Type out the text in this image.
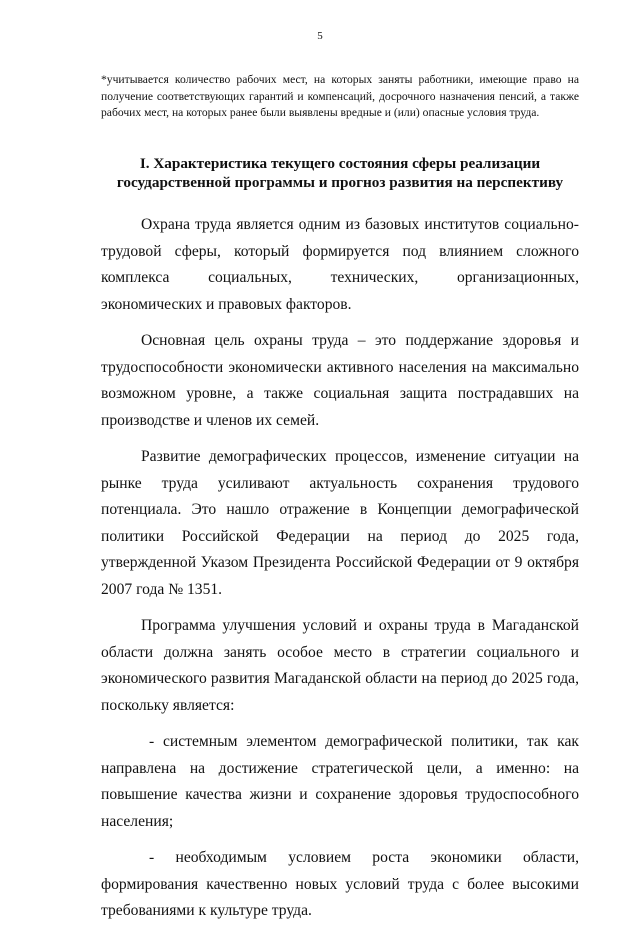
5

*учитывается количество рабочих мест, на которых заняты работники, имеющие право на получение соответствующих гарантий и компенсаций, досрочного назначения пенсий, а также рабочих мест, на которых ранее были выявлены вредные и (или) опасные условия труда.

I. Характеристика текущего состояния сферы реализации
государственной программы и прогноз развития на перспективу

Охрана труда является одним из базовых институтов социально-трудовой сферы, который формируется под влиянием сложного комплекса социальных, технических, организационных, экономических и правовых факторов.

Основная цель охраны труда – это поддержание здоровья и трудоспособности экономически активного населения на максимально возможном уровне, а также социальная защита пострадавших на производстве и членов их семей.

Развитие демографических процессов, изменение ситуации на рынке труда усиливают актуальность сохранения трудового потенциала. Это нашло отражение в Концепции демографической политики Российской Федерации на период до 2025 года, утвержденной Указом Президента Российской Федерации от 9 октября 2007 года № 1351.

Программа улучшения условий и охраны труда в Магаданской области должна занять особое место в стратегии социального и экономического развития Магаданской области на период до 2025 года, поскольку является:

- системным элементом демографической политики, так как направлена на достижение стратегической цели, а именно: на повышение качества жизни и сохранение здоровья трудоспособного населения;

- необходимым условием роста экономики области, формирования качественно новых условий труда с более высокими требованиями к культуре труда.
